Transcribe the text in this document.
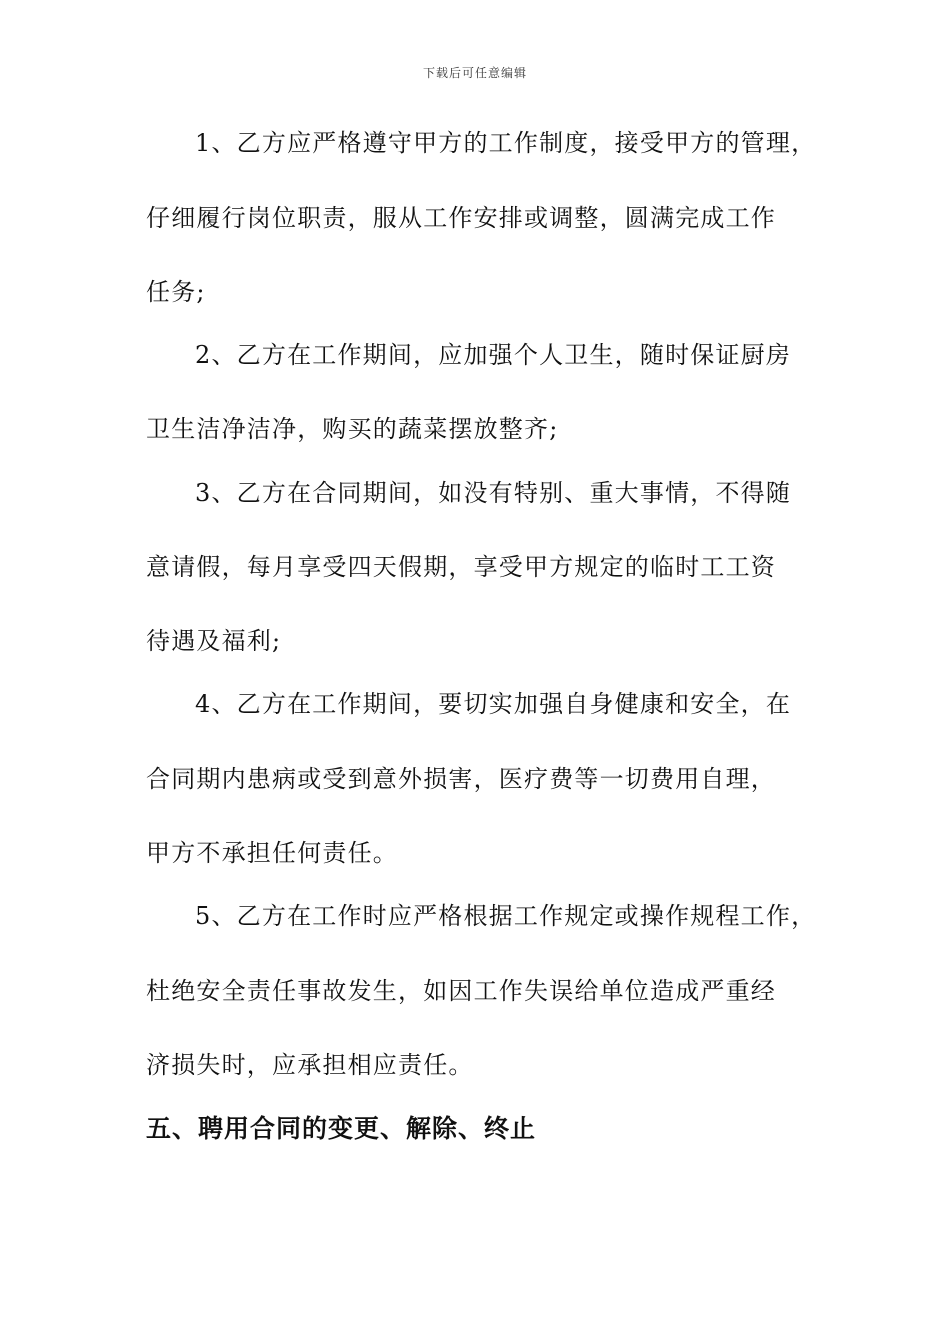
下载后可任意编辑
1、乙方应严格遵守甲方的工作制度，接受甲方的管理，
仔细履行岗位职责，服从工作安排或调整，圆满完成工作
任务;
2、乙方在工作期间，应加强个人卫生，随时保证厨房
卫生洁净洁净，购买的蔬菜摆放整齐;
3、乙方在合同期间，如没有特别、重大事情，不得随
意请假，每月享受四天假期，享受甲方规定的临时工工资
待遇及福利;
4、乙方在工作期间，要切实加强自身健康和安全，在
合同期内患病或受到意外损害，医疗费等一切费用自理，
甲方不承担任何责任。
5、乙方在工作时应严格根据工作规定或操作规程工作，
杜绝安全责任事故发生，如因工作失误给单位造成严重经
济损失时，应承担相应责任。
五、聘用合同的变更、解除、终止
